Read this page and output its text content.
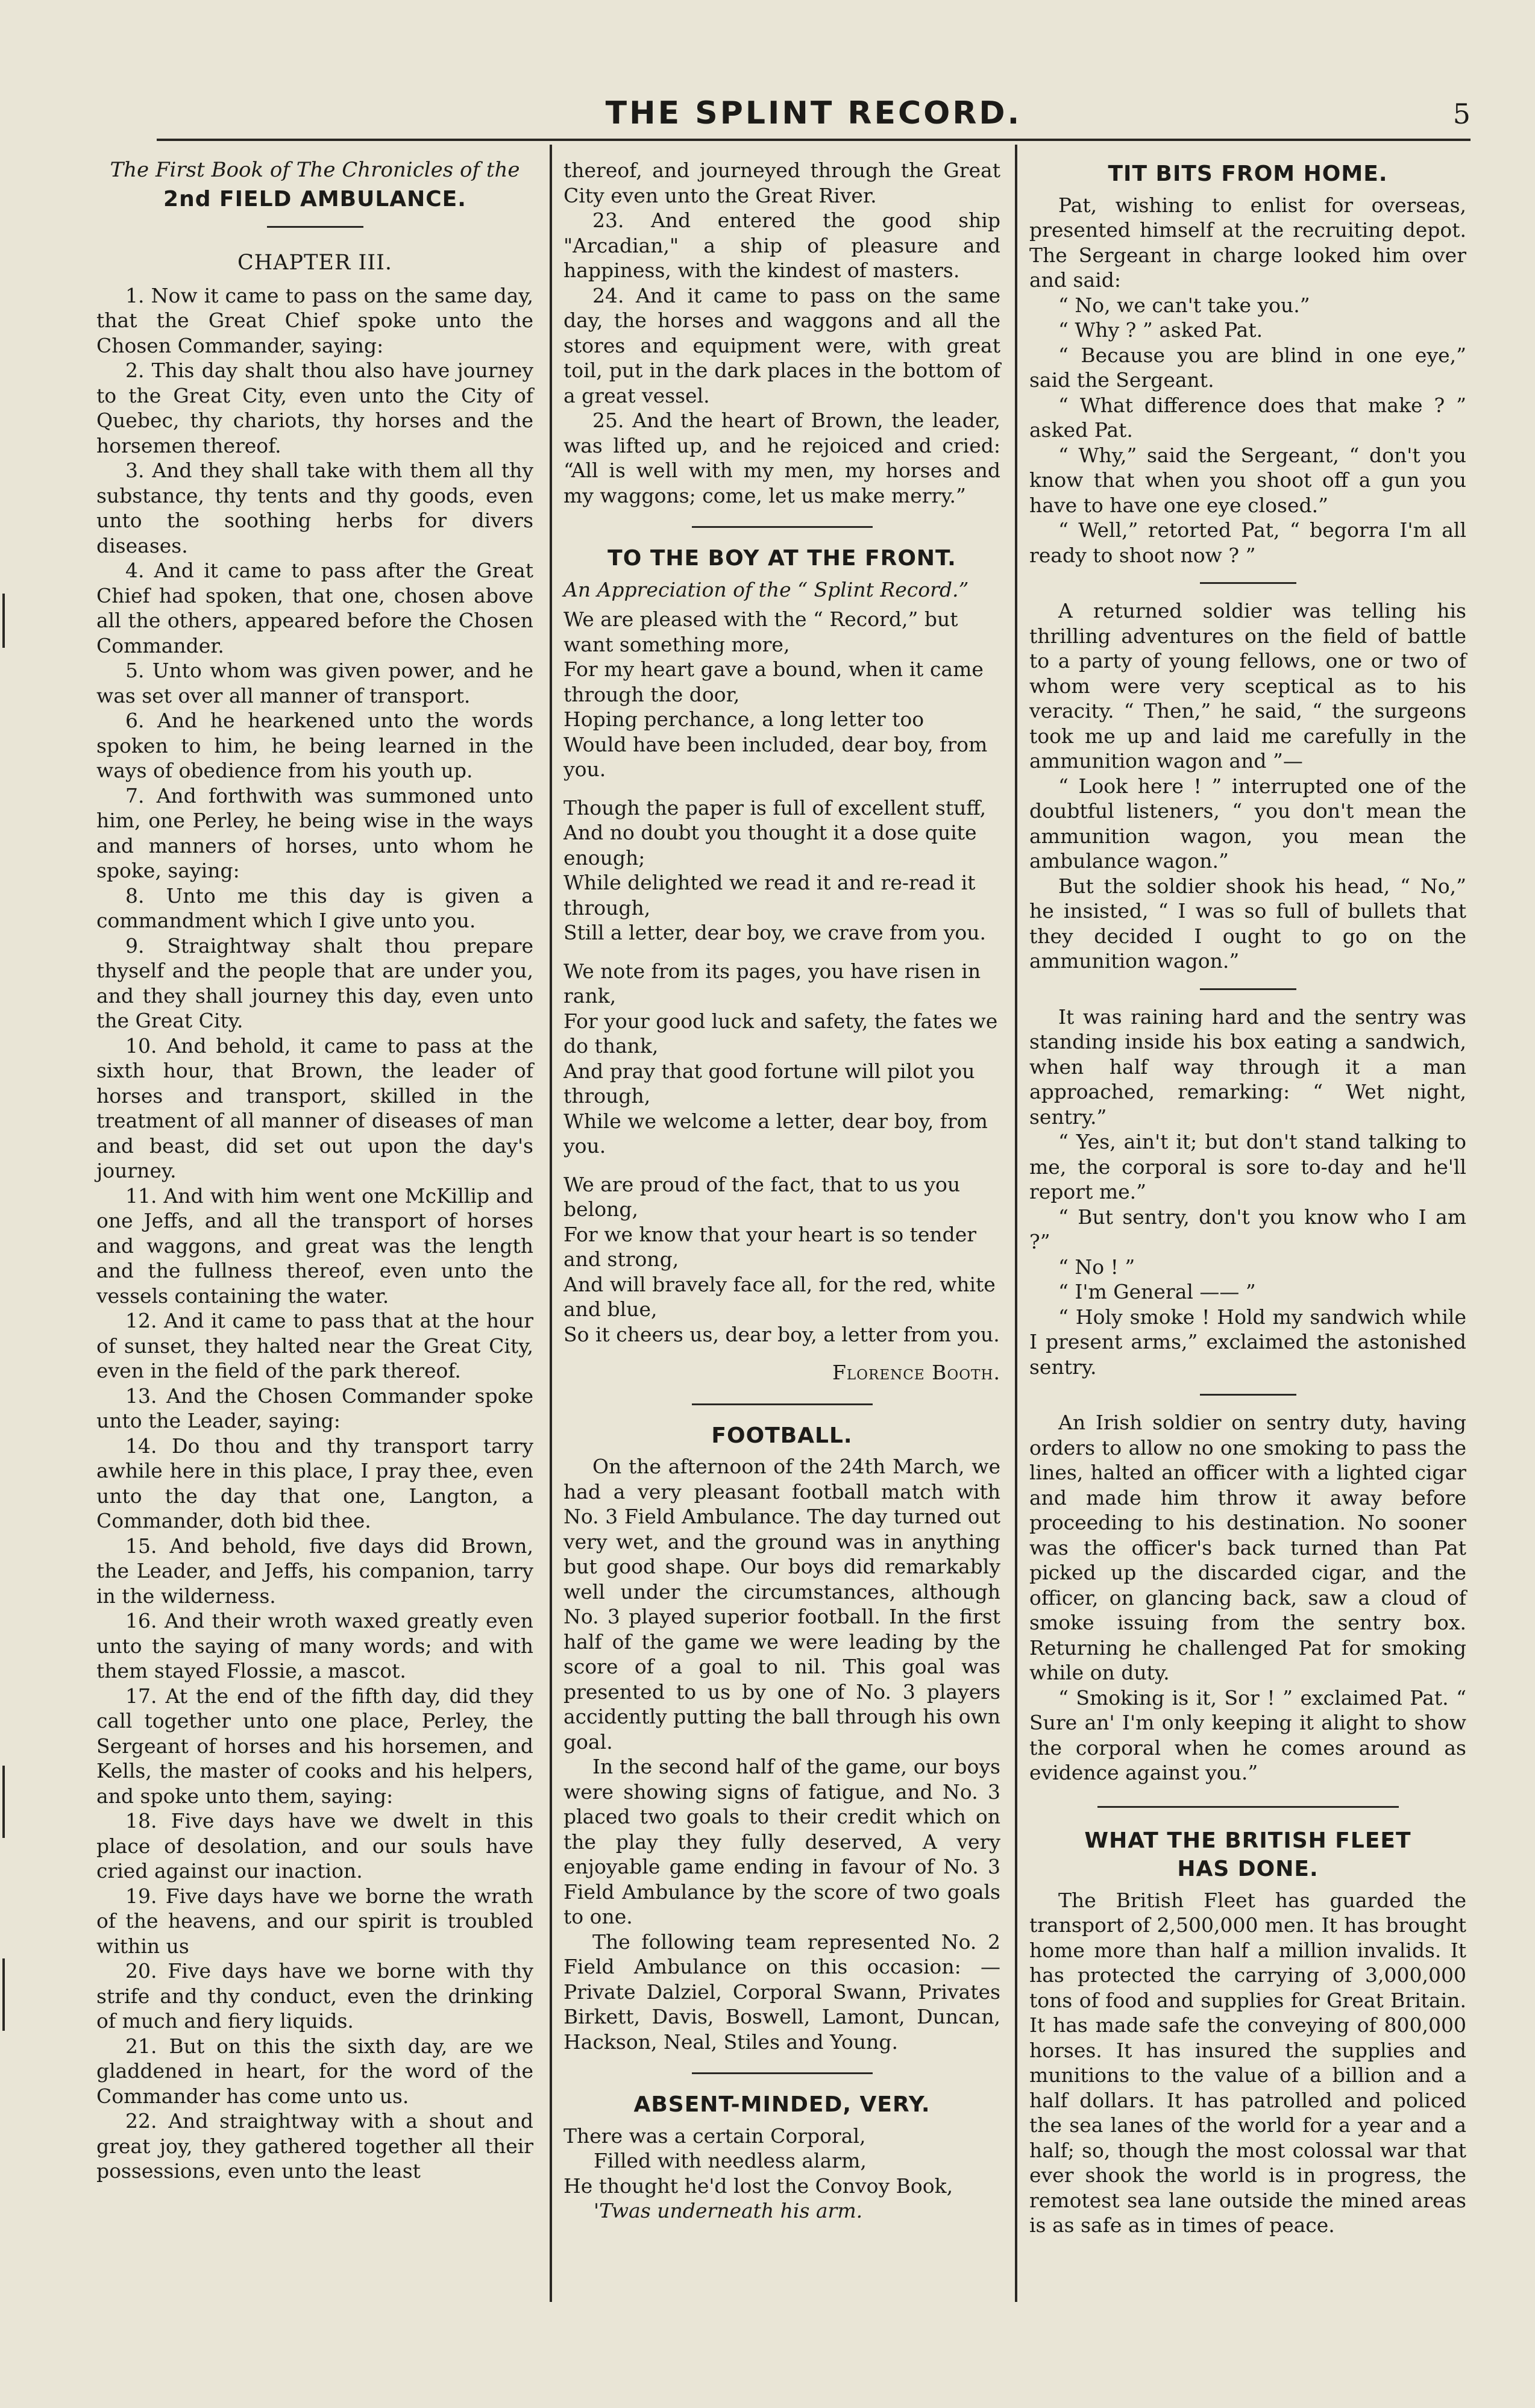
THE SPLINT RECORD.	5

The First Book of The Chronicles of the

2nd FIELD AMBULANCE.

CHAPTER III.

1. Now it came to pass on the same day, that the Great Chief spoke unto the Chosen Commander, saying:

2. This day shalt thou also have journey to the Great City, even unto the City of Quebec, thy chariots, thy horses and the horsemen thereof.

3. And they shall take with them all thy substance, thy tents and thy goods, even unto the soothing herbs for divers diseases.

4. And it came to pass after the Great Chief had spoken, that one, chosen above all the others, appeared before the Chosen Commander.

5. Unto whom was given power, and he was set over all manner of transport.

6. And he hearkened unto the words spoken to him, he being learned in the ways of obedience from his youth up.

7. And forthwith was summoned unto him, one Perley, he being wise in the ways and manners of horses, unto whom he spoke, saying:

8. Unto me this day is given a commandment which I give unto you.

9. Straightway shalt thou prepare thyself and the people that are under you, and they shall journey this day, even unto the Great City.

10. And behold, it came to pass at the sixth hour, that Brown, the leader of horses and transport, skilled in the treatment of all manner of diseases of man and beast, did set out upon the day's journey.

11. And with him went one McKillip and one Jeffs, and all the transport of horses and waggons, and great was the length and the fullness thereof, even unto the vessels containing the water.

12. And it came to pass that at the hour of sunset, they halted near the Great City, even in the field of the park thereof.

13. And the Chosen Commander spoke unto the Leader, saying:

14. Do thou and thy transport tarry awhile here in this place, I pray thee, even unto the day that one, Langton, a Commander, doth bid thee.

15. And behold, five days did Brown, the Leader, and Jeffs, his companion, tarry in the wilderness.

16. And their wroth waxed greatly even unto the saying of many words; and with them stayed Flossie, a mascot.

17. At the end of the fifth day, did they call together unto one place, Perley, the Sergeant of horses and his horsemen, and Kells, the master of cooks and his helpers, and spoke unto them, saying:

18. Five days have we dwelt in this place of desolation, and our souls have cried against our inaction.

19. Five days have we borne the wrath of the heavens, and our spirit is troubled within us

20. Five days have we borne with thy strife and thy conduct, even the drinking of much and fiery liquids.

21. But on this the sixth day, are we gladdened in heart, for the word of the Commander has come unto us.

22. And straightway with a shout and great joy, they gathered together all their possessions, even unto the least

thereof, and journeyed through the Great City even unto the Great River.

23. And entered the good ship "Arcadian," a ship of pleasure and happiness, with the kindest of masters.

24. And it came to pass on the same day, the horses and waggons and all the stores and equipment were, with great toil, put in the dark places in the bottom of a great vessel.

25. And the heart of Brown, the leader, was lifted up, and he rejoiced and cried: “All is well with my men, my horses and my waggons; come, let us make merry.”

TO THE BOY AT THE FRONT.

An Appreciation of the “ Splint Record.”

We are pleased with the “ Record,” but want something more,

For my heart gave a bound, when it came through the door,

Hoping perchance, a long letter too

Would have been included, dear boy, from you.

Though the paper is full of excellent stuff,

And no doubt you thought it a dose quite enough;

While delighted we read it and re-read it through,

Still a letter, dear boy, we crave from you.

We note from its pages, you have risen in rank,

For your good luck and safety, the fates we do thank,

And pray that good fortune will pilot you through,

While we welcome a letter, dear boy, from you.

We are proud of the fact, that to us you belong,

For we know that your heart is so tender and strong,

And will bravely face all, for the red, white and blue,

So it cheers us, dear boy, a letter from you.

Florence Booth.

FOOTBALL.

On the afternoon of the 24th March, we had a very pleasant football match with No. 3 Field Ambulance. The day turned out very wet, and the ground was in anything but good shape. Our boys did remarkably well under the circumstances, although No. 3 played superior football. In the first half of the game we were leading by the score of a goal to nil. This goal was presented to us by one of No. 3 players accidently putting the ball through his own goal.

In the second half of the game, our boys were showing signs of fatigue, and No. 3 placed two goals to their credit which on the play they fully deserved, A very enjoyable game ending in favour of No. 3 Field Ambulance by the score of two goals to one.

The following team represented No. 2 Field Ambulance on this occasion: — Private Dalziel, Corporal Swann, Privates Birkett, Davis, Boswell, Lamont, Duncan, Hackson, Neal, Stiles and Young.

ABSENT-MINDED, VERY.

There was a certain Corporal,

Filled with needless alarm,

He thought he'd lost the Convoy Book,

'Twas underneath his arm.

TIT BITS FROM HOME.

Pat, wishing to enlist for overseas, presented himself at the recruiting depot. The Sergeant in charge looked him over and said:

“ No, we can't take you.”

“ Why ? ” asked Pat.

“ Because you are blind in one eye,” said the Sergeant.

“ What difference does that make ? ” asked Pat.

“ Why,” said the Sergeant, “ don't you know that when you shoot off a gun you have to have one eye closed.”

“ Well,” retorted Pat, “ begorra I'm all ready to shoot now ? ”

A returned soldier was telling his thrilling adventures on the field of battle to a party of young fellows, one or two of whom were very sceptical as to his veracity. “ Then,” he said, “ the surgeons took me up and laid me carefully in the ammunition wagon and ”—

“ Look here ! ” interrupted one of the doubtful listeners, “ you don't mean the ammunition wagon, you mean the ambulance wagon.”

But the soldier shook his head, “ No,” he insisted, “ I was so full of bullets that they decided I ought to go on the ammunition wagon.”

It was raining hard and the sentry was standing inside his box eating a sandwich, when half way through it a man approached, remarking: “ Wet night, sentry.”

“ Yes, ain't it; but don't stand talking to me, the corporal is sore to-day and he'll report me.”

“ But sentry, don't you know who I am ?”

“ No ! ”

“ I'm General —— ”

“ Holy smoke ! Hold my sandwich while I present arms,” exclaimed the astonished sentry.

An Irish soldier on sentry duty, having orders to allow no one smoking to pass the lines, halted an officer with a lighted cigar and made him throw it away before proceeding to his destination. No sooner was the officer's back turned than Pat picked up the discarded cigar, and the officer, on glancing back, saw a cloud of smoke issuing from the sentry box. Returning he challenged Pat for smoking while on duty.

“ Smoking is it, Sor ! ” exclaimed Pat. “ Sure an' I'm only keeping it alight to show the corporal when he comes around as evidence against you.”

WHAT THE BRITISH FLEET

HAS DONE.

The British Fleet has guarded the transport of 2,500,000 men. It has brought home more than half a million invalids. It has protected the carrying of 3,000,000 tons of food and supplies for Great Britain. It has made safe the conveying of 800,000 horses. It has insured the supplies and munitions to the value of a billion and a half dollars. It has patrolled and policed the sea lanes of the world for a year and a half; so, though the most colossal war that ever shook the world is in progress, the remotest sea lane outside the mined areas is as safe as in times of peace.
